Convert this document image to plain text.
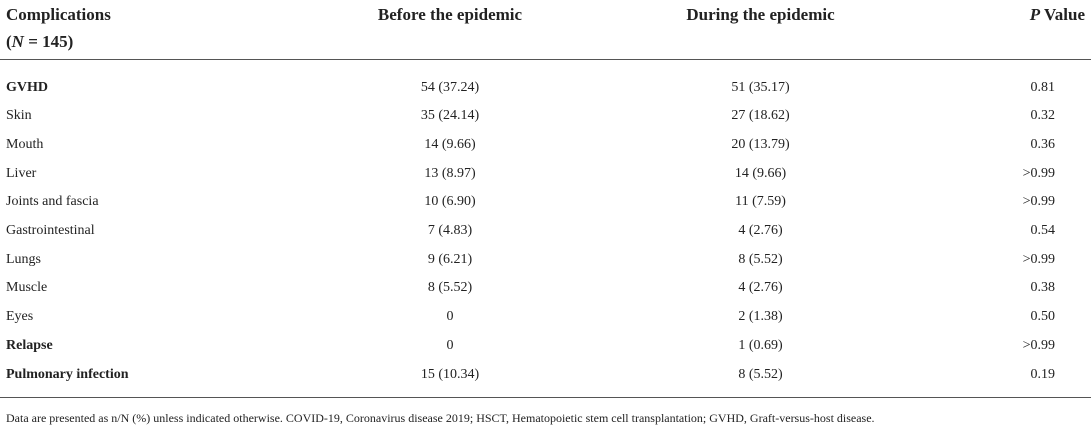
Complications
(N = 145)	Before the epidemic	During the epidemic	P Value
GVHD	54 (37.24)	51 (35.17)	0.81
Skin	35 (24.14)	27 (18.62)	0.32
Mouth	14 (9.66)	20 (13.79)	0.36
Liver	13 (8.97)	14 (9.66)	>0.99
Joints and fascia	10 (6.90)	11 (7.59)	>0.99
Gastrointestinal	7 (4.83)	4 (2.76)	0.54
Lungs	9 (6.21)	8 (5.52)	>0.99
Muscle	8 (5.52)	4 (2.76)	0.38
Eyes	0	2 (1.38)	0.50
Relapse	0	1 (0.69)	>0.99
Pulmonary infection	15 (10.34)	8 (5.52)	0.19
Data are presented as n/N (%) unless indicated otherwise. COVID-19, Coronavirus disease 2019; HSCT, Hematopoietic stem cell transplantation; GVHD, Graft-versus-host disease.
